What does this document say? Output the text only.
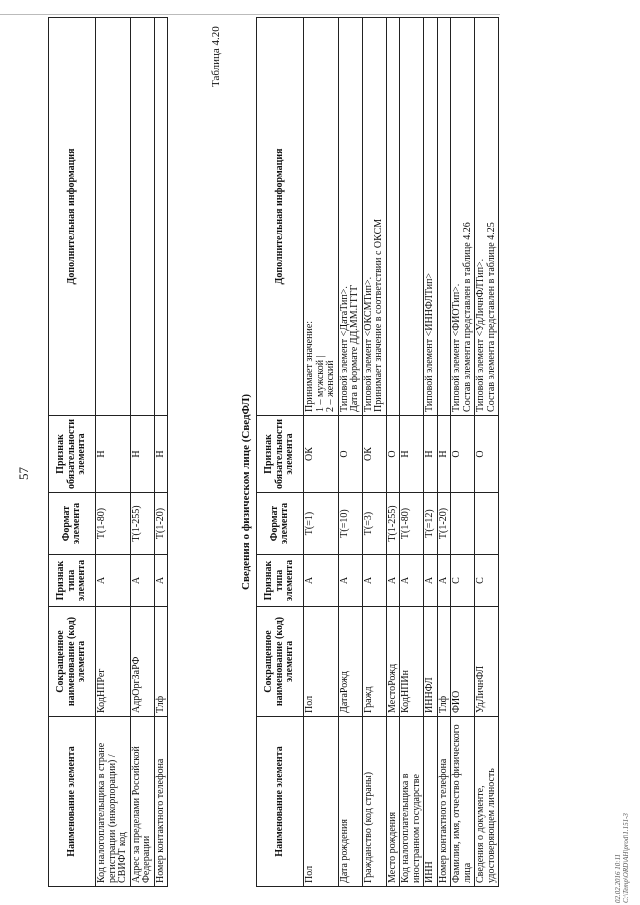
57
Наименование элемента	Сокращенное наименование (код) элемента	Признак типа элемента	Формат элемента	Признак обязательности элемента	Дополнительная информация
Код налогоплательщика в стране регистрации (инкорпорации) / СВИФТ код	КодНПРег	А	Т(1-80)	Н	
Адрес за пределами Российской Федерации	АдрОргЗаРФ	А	Т(1-255)	Н	
Номер контактного телефона	Тлф	А	Т(1-20)	Н	
Таблица 4.20
Сведения о физическом лице (СведФЛ)
Наименование элемента	Сокращенное наименование (код) элемента	Признак типа элемента	Формат элемента	Признак обязательности элемента	Дополнительная информация
Пол	Пол	А	Т(=1)	ОК	Принимает значение:
1 – мужской |
2 – женский
Дата рождения	ДатаРожд	А	Т(=10)	О	Типовой элемент <ДатаТип>.
Дата в формате ДД.ММ.ГГГГ
Гражданство (код страны)	Гражд	А	Т(=3)	ОК	Типовой элемент <ОКСМТип>.
Принимает значение в соответствии с ОКСМ
Место рождения	МестоРожд	А	Т(1-255)	О	
Код налогоплательщика в иностранном государстве	КодНПИн	А	Т(1-80)	Н	
ИНН	ИННФЛ	А	Т(=12)	Н	Типовой элемент <ИННФЛТип>
Номер контактного телефона	Тлф	А	Т(1-20)	Н	
Фамилия, имя, отчество физического лица	ФИО	С		О	Типовой элемент <ФИОТип>.
Состав элемента представлен в таблице 4.26
Сведения о документе, удостоверяющем личность	УдЛичнФЛ	С		О	Типовой элемент <УдЛичнФЛТип>.
Состав элемента представлен в таблице 4.25
02.02.2016 10:11 C:\Temp\ORD\AH\prod\1.151-3
